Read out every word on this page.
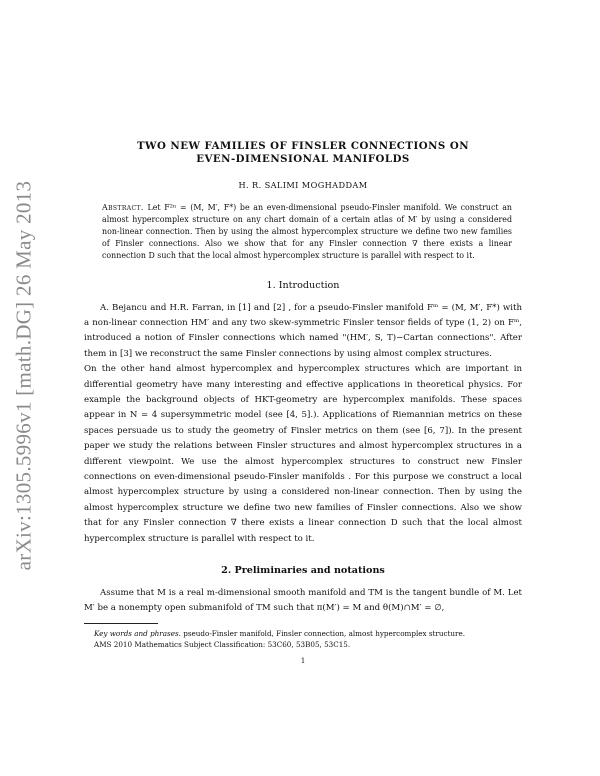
arXiv:1305.5996v1 [math.DG] 26 May 2013

TWO NEW FAMILIES OF FINSLER CONNECTIONS ON

EVEN-DIMENSIONAL MANIFOLDS

H. R. SALIMI MOGHADDAM
Abstract. Let F²ⁿ = (M, M′, F*) be an even-dimensional pseudo-Finsler manifold. We construct an almost hypercomplex structure on any chart domain of a certain atlas of M′ by using a considered non-linear connection. Then by using the almost hypercomplex structure we define two new families of Finsler connections. Also we show that for any Finsler connection ∇ there exists a linear connection D such that the local almost hypercomplex structure is parallel with respect to it.
1. Introduction

A. Bejancu and H.R. Farran, in [1] and [2] , for a pseudo-Finsler manifold Fᵐ = (M, M′, F*) with a non-linear connection HM′ and any two skew-symmetric Finsler tensor fields of type (1, 2) on Fᵐ, introduced a notion of Finsler connections which named "(HM′, S, T)−Cartan connections". After them in [3] we reconstruct the same Finsler connections by using almost complex structures.

On the other hand almost hypercomplex and hypercomplex structures which are important in differential geometry have many interesting and effective applications in theoretical physics. For example the background objects of HKT-geometry are hypercomplex manifolds. These spaces appear in N = 4 supersymmetric model (see [4, 5].). Applications of Riemannian metrics on these spaces persuade us to study the geometry of Finsler metrics on them (see [6, 7]). In the present paper we study the relations between Finsler structures and almost hypercomplex structures in a different viewpoint. We use the almost hypercomplex structures to construct new Finsler connections on even-dimensional pseudo-Finsler manifolds . For this purpose we construct a local almost hypercomplex structure by using a considered non-linear connection. Then by using the almost hypercomplex structure we define two new families of Finsler connections. Also we show that for any Finsler connection ∇ there exists a linear connection D such that the local almost hypercomplex structure is parallel with respect to it.

2. Preliminaries and notations

Assume that M is a real m-dimensional smooth manifold and TM is the tangent bundle of M. Let M′ be a nonempty open submanifold of TM such that π(M′) = M and θ(M)∩M′ = ∅,

Key words and phrases. pseudo-Finsler manifold, Finsler connection, almost hypercomplex structure.
AMS 2010 Mathematics Subject Classification: 53C60, 53B05, 53C15.
1
